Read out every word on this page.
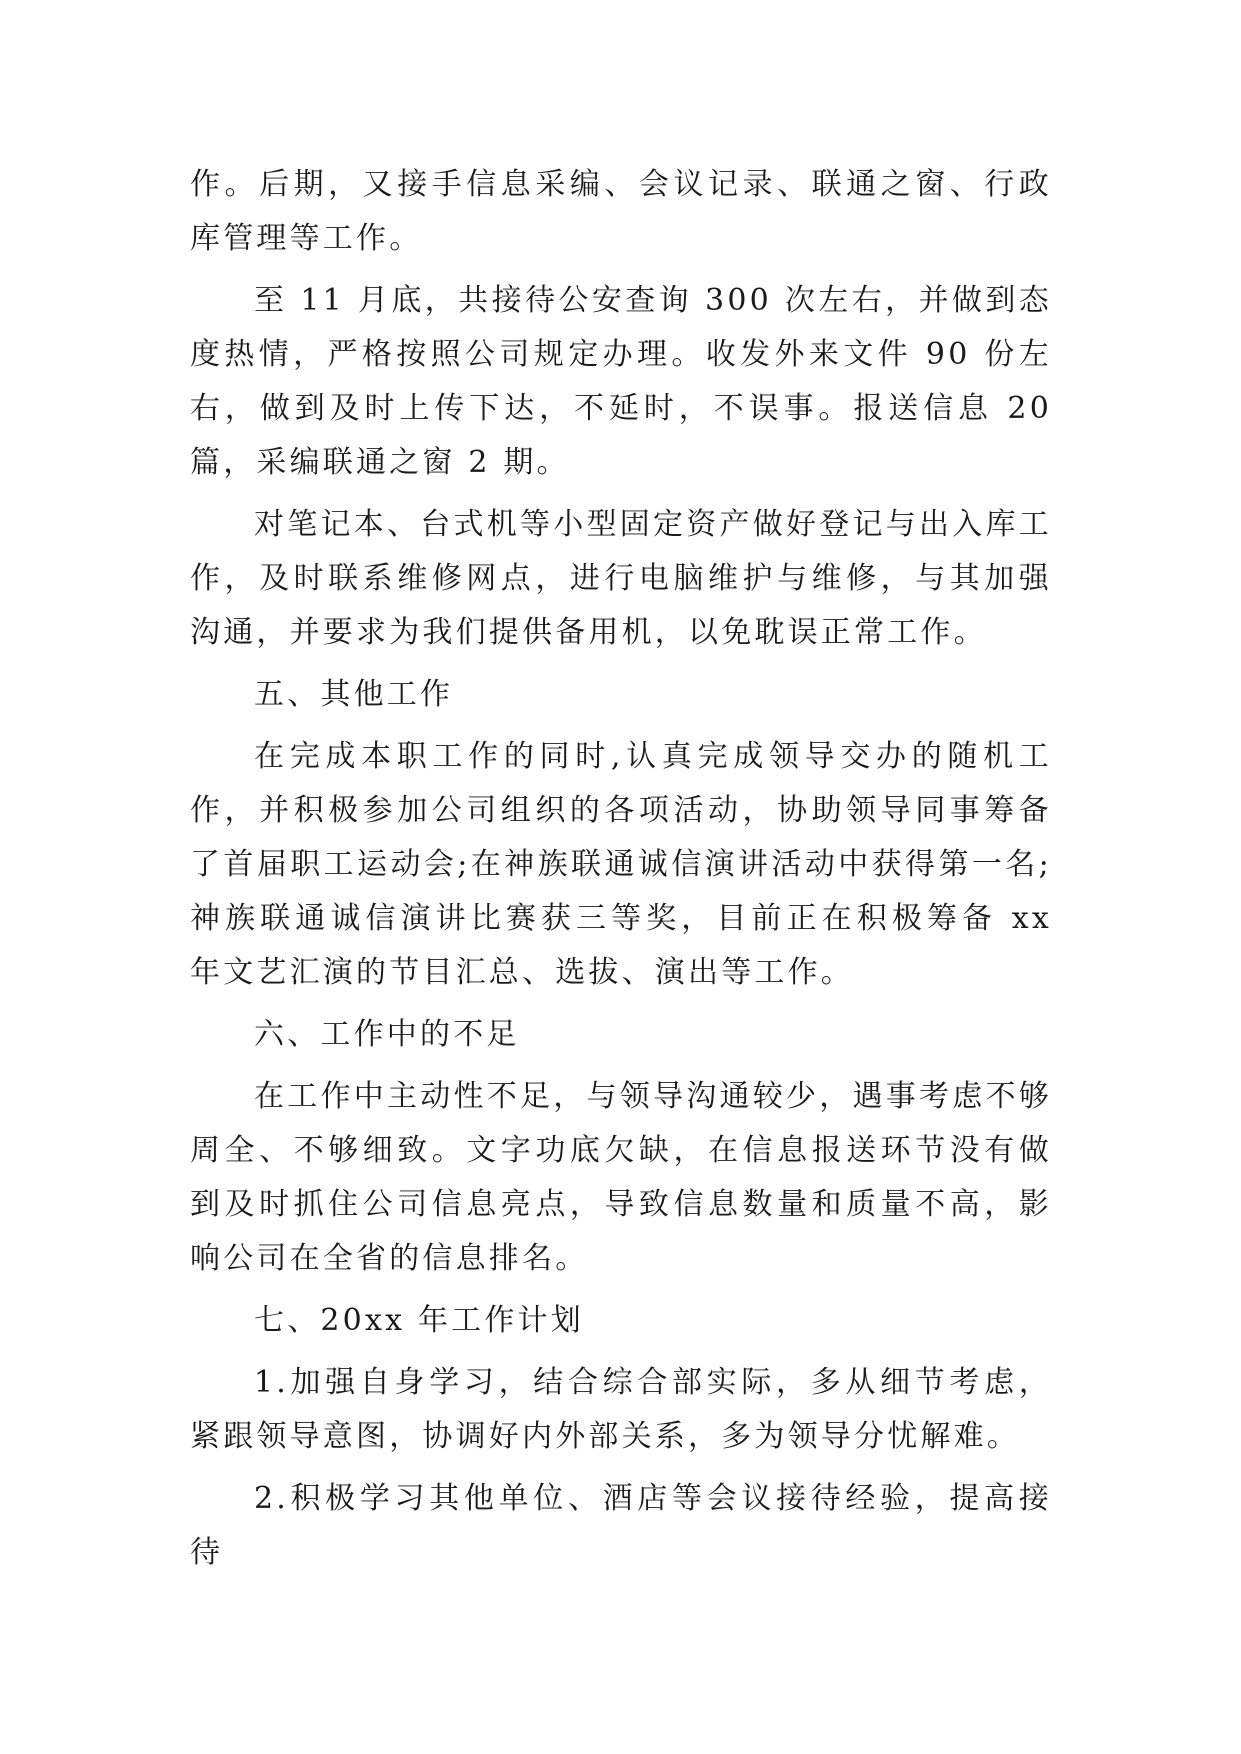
作。后期，又接手信息采编、会议记录、联通之窗、行政库管理等工作。

至 11 月底，共接待公安查询 300 次左右，并做到态度热情，严格按照公司规定办理。收发外来文件 90 份左右，做到及时上传下达，不延时，不误事。报送信息 20 篇，采编联通之窗 2 期。

对笔记本、台式机等小型固定资产做好登记与出入库工作，及时联系维修网点，进行电脑维护与维修，与其加强沟通，并要求为我们提供备用机，以免耽误正常工作。

五、其他工作

在完成本职工作的同时,认真完成领导交办的随机工作，并积极参加公司组织的各项活动，协助领导同事筹备了首届职工运动会;在神族联通诚信演讲活动中获得第一名;神族联通诚信演讲比赛获三等奖，目前正在积极筹备 xx 年文艺汇演的节目汇总、选拔、演出等工作。

六、工作中的不足

在工作中主动性不足，与领导沟通较少，遇事考虑不够周全、不够细致。文字功底欠缺，在信息报送环节没有做到及时抓住公司信息亮点，导致信息数量和质量不高，影响公司在全省的信息排名。

七、20xx 年工作计划

1.加强自身学习，结合综合部实际，多从细节考虑，紧跟领导意图，协调好内外部关系，多为领导分忧解难。

2.积极学习其他单位、酒店等会议接待经验，提高接待
